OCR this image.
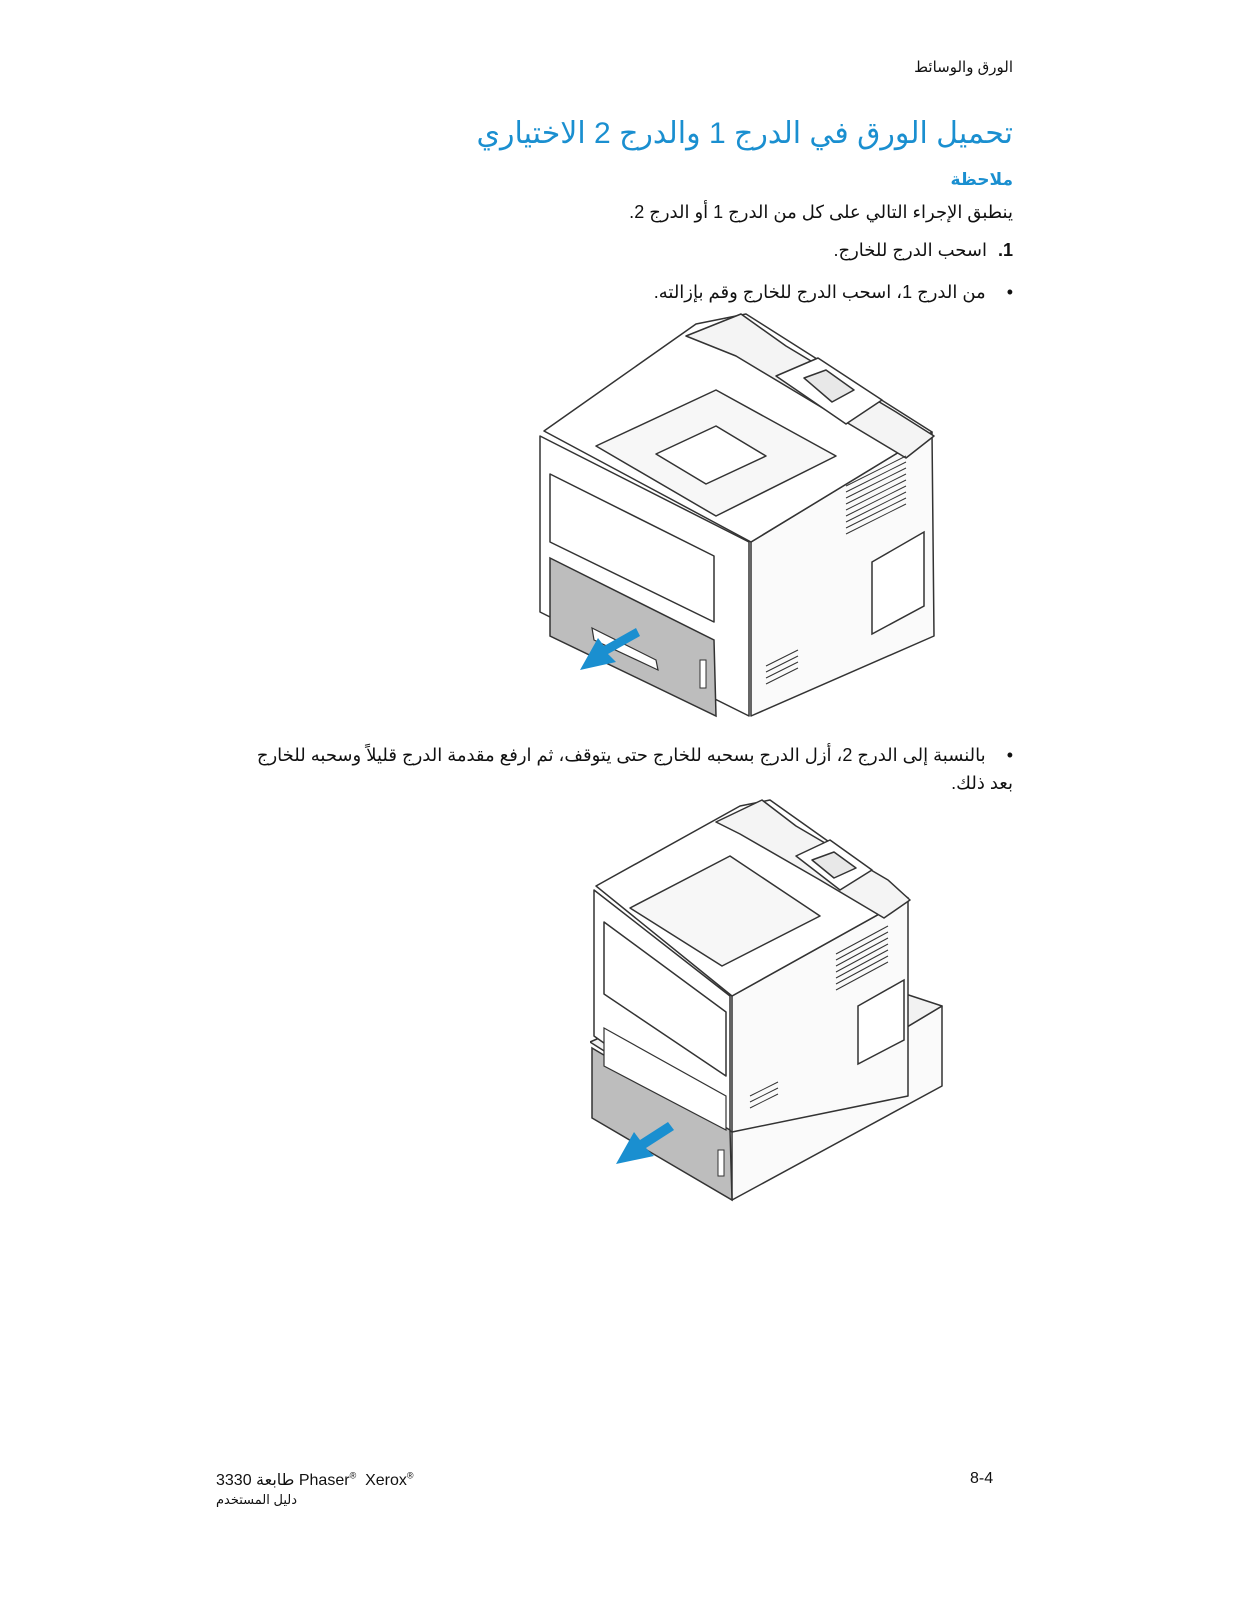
الورق والوسائط
تحميل الورق في الدرج 1 والدرج 2 الاختياري
ملاحظة
ينطبق الإجراء التالي على كل من الدرج 1 أو الدرج 2.
1. اسحب الدرج للخارج.
• من الدرج 1، اسحب الدرج للخارج وقم بإزالته.
• بالنسبة إلى الدرج 2، أزل الدرج بسحبه للخارج حتى يتوقف، ثم ارفع مقدمة الدرج قليلاً وسحبه للخارج بعد ذلك.
3330 طابعة Phaser® Xerox®
دليل المستخدم
8-4
